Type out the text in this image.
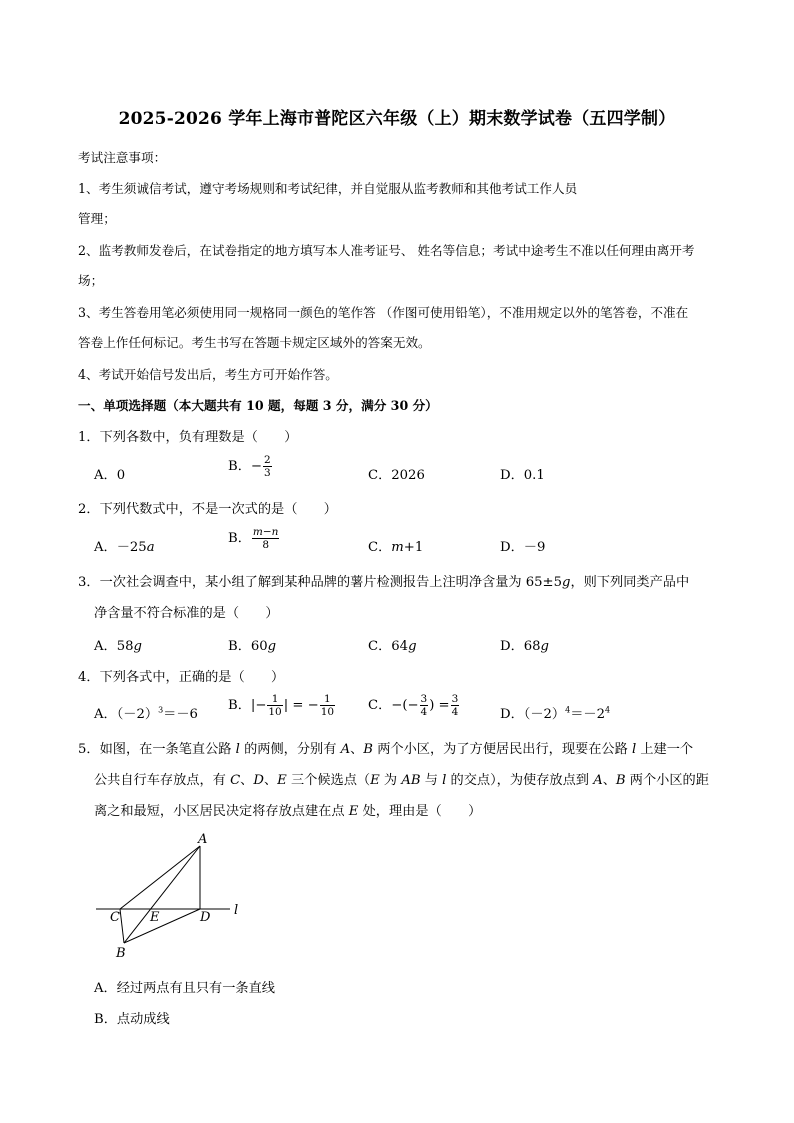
2025-2026 学年上海市普陀区六年级（上）期末数学试卷（五四学制）
考试注意事项：
1、考生须诚信考试，遵守考场规则和考试纪律，并自觉服从监考教师和其他考试工作人员
管理；
2、监考教师发卷后，在试卷指定的地方填写本人准考证号、 姓名等信息；考试中途考生不准以任何理由离开考
场；
3、考生答卷用笔必须使用同一规格同一颜色的笔作答 （作图可使用铅笔），不准用规定以外的笔答卷，不准在
答卷上作任何标记。考生书写在答题卡规定区域外的答案无效。
4、考试开始信号发出后，考生方可开始作答。
一、单项选择题（本大题共有 10 题，每题 3 分，满分 30 分）
1．下列各数中，负有理数是（　　）
A．0
B．− $\frac{2}{3}$	C．2026	D．0.1
2．下列代数式中，不是一次式的是（　　）
A．－25a
B． $\frac{m-n}{8}$	C．m+1	D．－9
3．一次社会调查中，某小组了解到某种品牌的薯片检测报告上注明净含量为 65±5g，则下列同类产品中
净含量不符合标准的是（　　）
A．58g	B．60g	C．64g	D．68g
4．下列各式中，正确的是（　　）
A．$(-2)^3=-6$
B．|− $\frac{1}{10}$ | = − $\frac{1}{10}$ C．−(− $\frac{3}{4}$ ) = $\frac{3}{4}$	D．$(-2)^4=-2^4$
5．如图，在一条笔直公路 l 的两侧，分别有 A、B 两个小区，为了方便居民出行，现要在公路 l 上建一个
公共自行车存放点，有 C、D、E 三个候选点（E 为 AB 与 l 的交点），为使存放点到 A、B 两个小区的距
离之和最短，小区居民决定将存放点建在点 E 处，理由是（　　）
A
B
C	D
E	l
A．经过两点有且只有一条直线
B．点动成线
